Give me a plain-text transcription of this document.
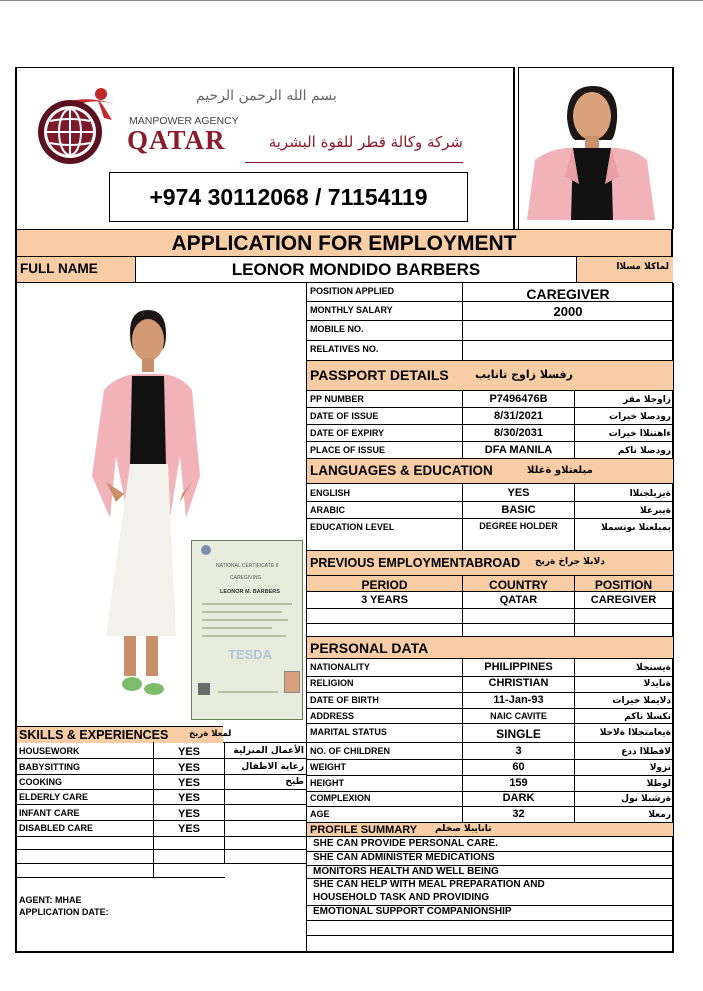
بسم الله الرحمن الرحيم
MANPOWER AGENCY
QATAR	شركة وكالة قطر للقوة البشرية
+974 30112068 / 71154119
APPLICATION FOR EMPLOYMENT
FULL NAME	LEONOR MONDIDO BARBERS	لماكلا مسلاا
NATIONAL CERTIFICATE II
CAREGIVING
LEONOR M. BARBERS
TESDA
POSITION APPLIED	CAREGIVER
MONTHLY SALARY	2000
MOBILE NO.
RELATIVES NO.
PASSPORT DETAILS رفسلا زاوج تانايب
PP NUMBER	P7496476B	زاوجلا مقر
DATE OF ISSUE	8/31/2021	رودصلا خيرات
DATE OF EXPIRY	8/30/2031	ءاهتنلاا خيرات
PLACE OF ISSUE	DFA MANILA	رودصلا ناكم
LANGUAGES & EDUCATION	ميلعتلاو ةغللا
ENGLISH	YES	ةيزيلجنلاا
ARABIC	BASIC	ةيبرعلا
EDUCATION LEVEL	DEGREE HOLDER	يميلعتلا ىوتسملا
PREVIOUS EMPLOYMENTABROAD دلابلا جراخ ةربخ
PERIOD	COUNTRY	POSITION
3 YEARS	QATAR	CAREGIVER
PERSONAL DATA
NATIONALITY	PHILIPPINES	ةيسنجلا
RELIGION	CHRISTIAN	ةنايدلا
DATE OF BIRTH	11-Jan-93	دلايملا خيرات
ADDRESS	NAIC CAVITE	نكسلا ناكم
MARITAL STATUS	SINGLE	ةيعامتجلاا ةلاحلا
NO. OF CHILDREN	3	لافطلاا ددع
WEIGHT	60	نزولا
HEIGHT	159	لوطلا
COMPLEXION	DARK	ةرشبلا نول
AGE	32	رمعلا
PROFILE SUMMARY تانايبلا صخلم
SHE CAN PROVIDE PERSONAL CARE.
SHE CAN ADMINISTER MEDICATIONS
MONITORS HEALTH AND WELL BEING
SHE CAN HELP WITH MEAL PREPARATION AND
HOUSEHOLD TASK AND PROVIDING
EMOTIONAL SUPPORT COMPANIONSHIP
SKILLS & EXPERIENCES لمعلا ةربخ
HOUSEWORK	YES	الأعمال المنزلية
BABYSITTING	YES	رعاية الاطفال
COOKING	YES	طبخ
ELDERLY CARE	YES
INFANT CARE	YES
DISABLED CARE	YES
AGENT: MHAE
APPLICATION DATE:
